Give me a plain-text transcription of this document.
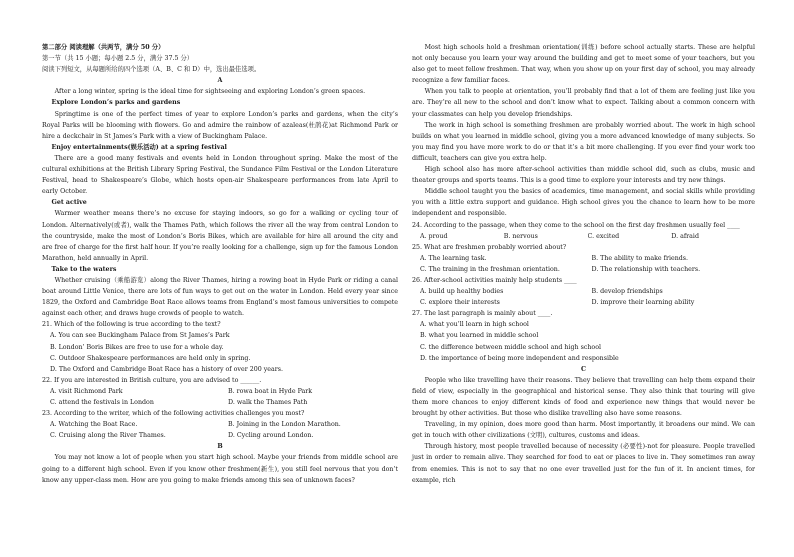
第二部分 阅读理解（共两节，满分 50 分）

第一节（共 15 小题；每小题 2.5 分，满分 37.5 分）

阅读下列短文，从每题所给的四个选项（A、B、C 和 D）中，选出最佳选项。

A

After a long winter, spring is the ideal time for sightseeing and exploring London’s green spaces.

Explore London’s parks and gardens

Springtime is one of the perfect times of year to explore London’s parks and gardens, when the city’s Royal Parks will be blooming with flowers. Go and admire the rainbow of azaleas(杜鹃花)at Richmond Park or hire a deckchair in St James’s Park with a view of Buckingham Palace.

Enjoy entertainments(娱乐活动) at a spring festival

There are a good many festivals and events held in London throughout spring. Make the most of the cultural exhibitions at the British Library Spring Festival, the Sundance Film Festival or the London Literature Festival, head to Shakespeare’s Globe, which hosts open-air Shakespeare performances from late April to early October.

Get active

Warmer weather means there’s no excuse for staying indoors, so go for a walking or cycling tour of London. Alternatively(或者), walk the Thames Path, which follows the river all the way from central London to the countryside, make the most of London’s Boris Bikes, which are available for hire all around the city and are free of charge for the first half hour. If you’re really looking for a challenge, sign up for the famous London Marathon, held annually in April.

Take to the waters

Whether cruising（乘船游览）along the River Thames, hiring a rowing boat in Hyde Park or riding a canal boat around Little Venice, there are lots of fun ways to get out on the water in London. Held every year since 1829, the Oxford and Cambridge Boat Race allows teams from England’s most famous universities to compete against each other, and draws huge crowds of people to watch.

21. Which of the following is true according to the text?

A. You can see Buckingham Palace from St James’s Park
B. London’ Boris Bikes are free to use for a whole day.
C. Outdoor Shakespeare performances are held only in spring.
D. The Oxford and Cambridge Boat Race has a history of over 200 years.

22. If you are interested in British culture, you are advised to ______.

A. visit Richmond Park	B. rowa boat in Hyde Park
C. attend the festivals in London	D. walk the Thames Path

23. According to the writer, which of the following activities challenges you most?

A. Watching the Boat Race.	B. Joining in the London Marathon.
C. Cruising along the River Thames.	D. Cycling around London.

B

You may not know a lot of people when you start high school. Maybe your friends from middle school are going to a different high school. Even if you know other freshmen(新生), you still feel nervous that you don’t know any upper-class men. How are you going to make friends among this sea of unknown faces?

Most high schools hold a freshman orientation(训练) before school actually starts. These are helpful not only because you learn your way around the building and get to meet some of your teachers, but you also get to meet fellow freshmen. That way, when you show up on your first day of school, you may already recognize a few familiar faces.

When you talk to people at orientation, you’ll probably find that a lot of them are feeling just like you are. They’re all new to the school and don’t know what to expect. Talking about a common concern with your classmates can help you develop friendships.

The work in high school is something freshmen are probably worried about. The work in high school builds on what you learned in middle school, giving you a more advanced knowledge of many subjects. So you may find you have more work to do or that it’s a bit more challenging. If you ever find your work too difficult, teachers can give you extra help.

High school also has more after-school activities than middle school did, such as clubs, music and theater groups and sports teams. This is a good time to explore your interests and try new things.

Middle school taught you the basics of academics, time management, and social skills while providing you with a little extra support and guidance. High school gives you the chance to learn how to be more independent and responsible.

24. According to the passage, when they come to the school on the first day freshmen usually feel ____

A. proud	B. nervous	C. excited	D. afraid

25. What are freshmen probably worried about?

A. The learning task.	B. The ability to make friends.
C. The training in the freshman orientation.	D. The relationship with teachers.

26. After-school activities mainly help students ____

A. build up healthy bodies	B. develop friendships
C. explore their interests	D. improve their learning ability

27. The last paragraph is mainly about ____.

A. what you’ll learn in high school
B. what you learned in middle school
C. the difference between middle school and high school
D. the importance of being more independent and responsible

C

People who like travelling have their reasons. They believe that travelling can help them expand their field of view, especially in the geographical and historical sense. They also think that touring will give them more chances to enjoy different kinds of food and experience new things that would never be brought by other activities. But those who dislike travelling also have some reasons.

Traveling, in my opinion, does more good than harm. Most importantly, it broadens our mind. We can get in touch with other civilizations (文明), cultures, customs and ideas.

Through history, most people travelled because of necessity (必要性)-not for pleasure. People travelled just in order to remain alive. They searched for food to eat or places to live in. They sometimes ran away from enemies. This is not to say that no one ever travelled just for the fun of it. In ancient times, for example, rich
